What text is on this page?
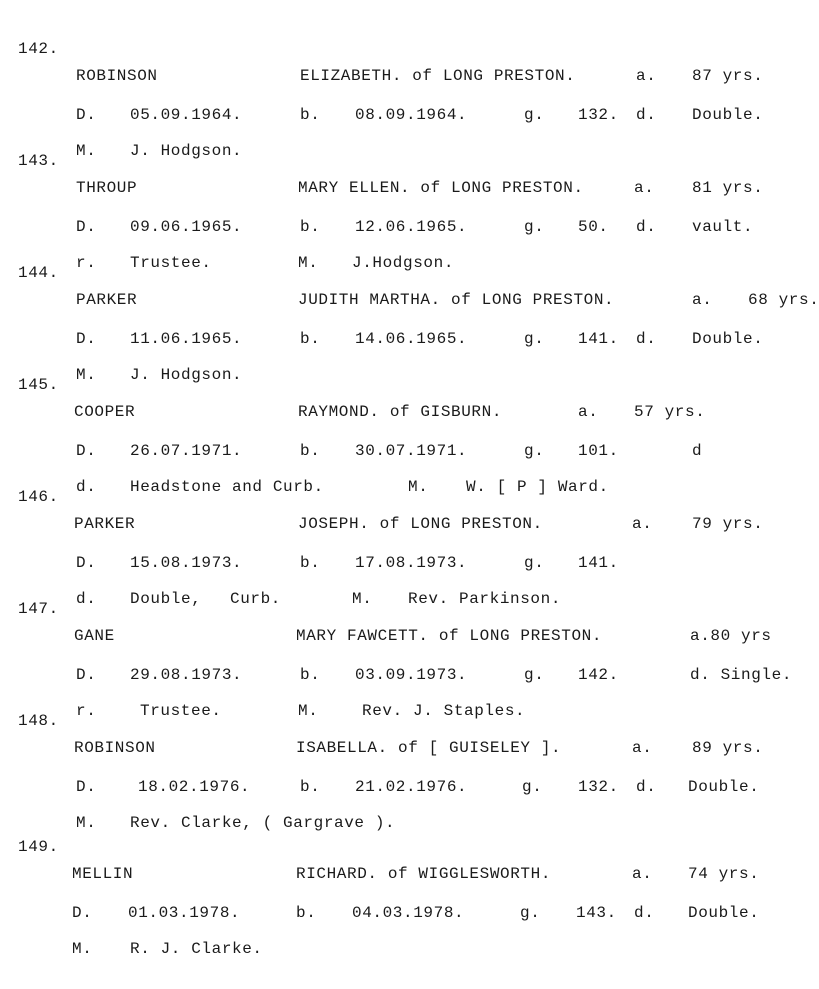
142.
ROBINSON	ELIZABETH. of LONG PRESTON.	a. 87 yrs.
D. 05.09.1964.	b. 08.09.1964.	g. 132. d. Double.
M. J. Hodgson.
143.
THROUP	MARY ELLEN. of LONG PRESTON.	a. 81 yrs.
D. 09.06.1965.	b. 12.06.1965.	g. 50. d. vault.
r. Trustee.	M. J.Hodgson.
144.
PARKER	JUDITH MARTHA. of LONG PRESTON.	a. 68 yrs.
D. 11.06.1965.	b. 14.06.1965.	g. 141. d. Double.
M. J. Hodgson.
145.
COOPER	RAYMOND. of GISBURN.	a. 57 yrs.
D. 26.07.1971.	b. 30.07.1971.	g. 101.	d
d. Headstone and Curb.	M. W. [ P ] Ward.
146.
PARKER	JOSEPH. of LONG PRESTON.	a. 79 yrs.
D. 15.08.1973.	b. 17.08.1973.	g. 141.
d. Double, Curb.	M. Rev. Parkinson.
147.
GANE	MARY FAWCETT. of LONG PRESTON.	a.80 yrs
D. 29.08.1973.	b. 03.09.1973.	g. 142.	d. Single.
r.	Trustee.	M.	Rev. J. Staples.
148.
ROBINSON	ISABELLA. of [ GUISELEY ].	a. 89 yrs.
D.	18.02.1976.	b. 21.02.1976.	g. 132. d. Double.
M. Rev. Clarke, ( Gargrave ).
149.
MELLIN	RICHARD. of WIGGLESWORTH.	a. 74 yrs.
D. 01.03.1978.	b. 04.03.1978.	g. 143. d. Double.
M. R. J. Clarke.
